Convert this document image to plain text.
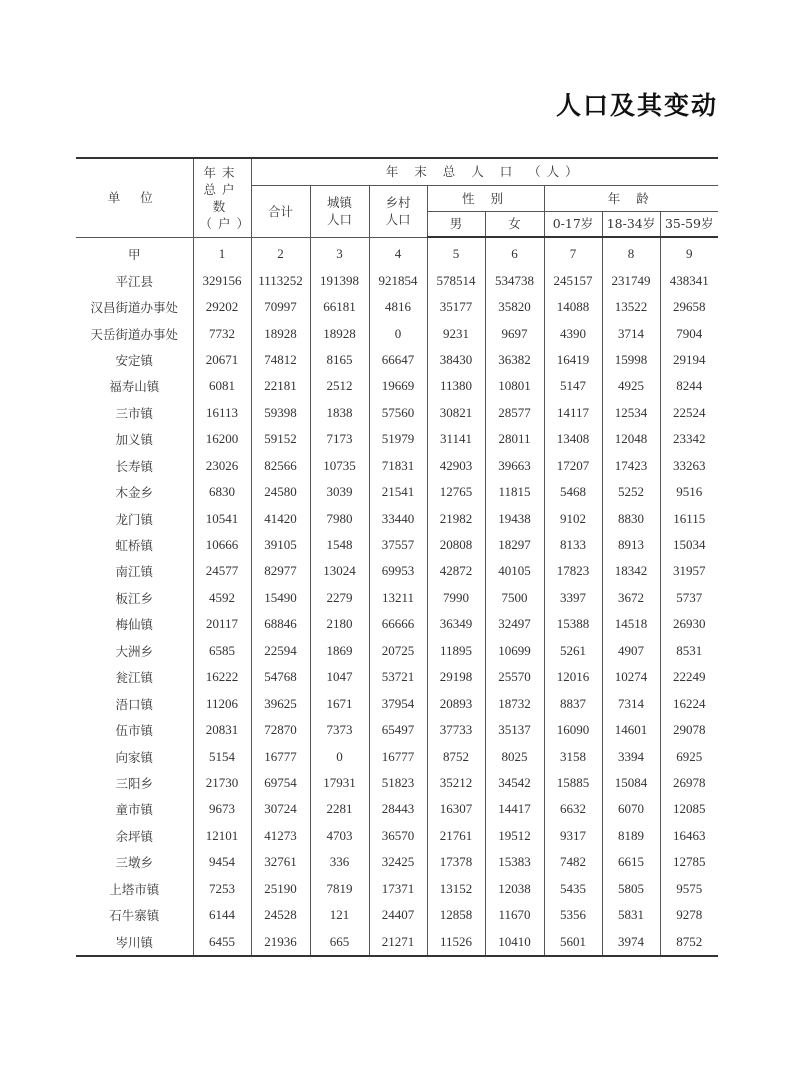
人口及其变动
单 位	年末总户数（户）	年 末 总 人 口 （人）							
		合计	城镇人口	乡村人口	性 别		年 龄		
					男	女	0-17岁	18-34岁	35-59岁
甲	1	2	3	4	5	6	7	8	9
平江县	329156	1113252	191398	921854	578514	534738	245157	231749	438341
汉昌街道办事处	29202	70997	66181	4816	35177	35820	14088	13522	29658
天岳街道办事处	7732	18928	18928	0	9231	9697	4390	3714	7904
安定镇	20671	74812	8165	66647	38430	36382	16419	15998	29194
福寿山镇	6081	22181	2512	19669	11380	10801	5147	4925	8244
三市镇	16113	59398	1838	57560	30821	28577	14117	12534	22524
加义镇	16200	59152	7173	51979	31141	28011	13408	12048	23342
长寿镇	23026	82566	10735	71831	42903	39663	17207	17423	33263
木金乡	6830	24580	3039	21541	12765	11815	5468	5252	9516
龙门镇	10541	41420	7980	33440	21982	19438	9102	8830	16115
虹桥镇	10666	39105	1548	37557	20808	18297	8133	8913	15034
南江镇	24577	82977	13024	69953	42872	40105	17823	18342	31957
板江乡	4592	15490	2279	13211	7990	7500	3397	3672	5737
梅仙镇	20117	68846	2180	66666	36349	32497	15388	14518	26930
大洲乡	6585	22594	1869	20725	11895	10699	5261	4907	8531
瓮江镇	16222	54768	1047	53721	29198	25570	12016	10274	22249
浯口镇	11206	39625	1671	37954	20893	18732	8837	7314	16224
伍市镇	20831	72870	7373	65497	37733	35137	16090	14601	29078
向家镇	5154	16777	0	16777	8752	8025	3158	3394	6925
三阳乡	21730	69754	17931	51823	35212	34542	15885	15084	26978
童市镇	9673	30724	2281	28443	16307	14417	6632	6070	12085
余坪镇	12101	41273	4703	36570	21761	19512	9317	8189	16463
三墩乡	9454	32761	336	32425	17378	15383	7482	6615	12785
上塔市镇	7253	25190	7819	17371	13152	12038	5435	5805	9575
石牛寨镇	6144	24528	121	24407	12858	11670	5356	5831	9278
岑川镇	6455	21936	665	21271	11526	10410	5601	3974	8752
